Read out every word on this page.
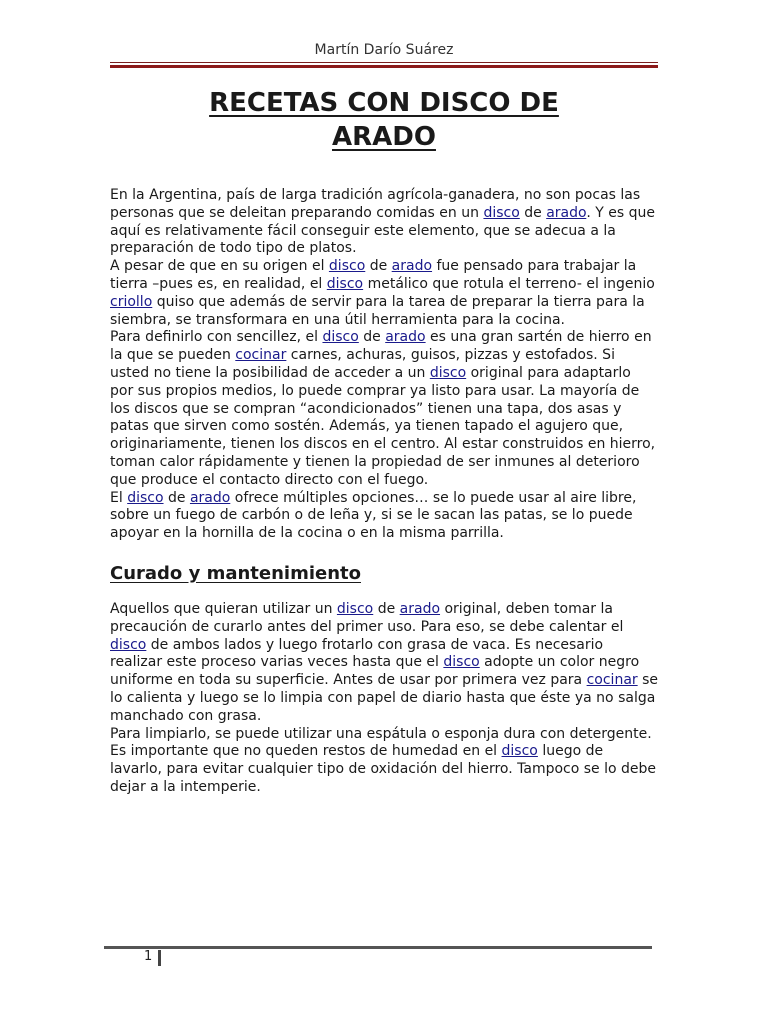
Martín Darío Suárez
RECETAS CON DISCO DE ARADO

En la Argentina, país de larga tradición agrícola-ganadera, no son pocas las personas que se deleitan preparando comidas en un disco de arado. Y es que aquí es relativamente fácil conseguir este elemento, que se adecua a la preparación de todo tipo de platos.

A pesar de que en su origen el disco de arado fue pensado para trabajar la tierra –pues es, en realidad, el disco metálico que rotula el terreno- el ingenio criollo quiso que además de servir para la tarea de preparar la tierra para la siembra, se transformara en una útil herramienta para la cocina.

Para definirlo con sencillez, el disco de arado es una gran sartén de hierro en la que se pueden cocinar carnes, achuras, guisos, pizzas y estofados. Si usted no tiene la posibilidad de acceder a un disco original para adaptarlo por sus propios medios, lo puede comprar ya listo para usar. La mayoría de los discos que se compran “acondicionados” tienen una tapa, dos asas y patas que sirven como sostén. Además, ya tienen tapado el agujero que, originariamente, tienen los discos en el centro. Al estar construidos en hierro, toman calor rápidamente y tienen la propiedad de ser inmunes al deterioro que produce el contacto directo con el fuego.

El disco de arado ofrece múltiples opciones… se lo puede usar al aire libre, sobre un fuego de carbón o de leña y, si se le sacan las patas, se lo puede apoyar en la hornilla de la cocina o en la misma parrilla.

Curado y mantenimiento

Aquellos que quieran utilizar un disco de arado original, deben tomar la precaución de curarlo antes del primer uso. Para eso, se debe calentar el disco de ambos lados y luego frotarlo con grasa de vaca. Es necesario realizar este proceso varias veces hasta que el disco adopte un color negro uniforme en toda su superficie. Antes de usar por primera vez para cocinar se lo calienta y luego se lo limpia con papel de diario hasta que éste ya no salga manchado con grasa.

Para limpiarlo, se puede utilizar una espátula o esponja dura con detergente. Es importante que no queden restos de humedad en el disco luego de lavarlo, para evitar cualquier tipo de oxidación del hierro. Tampoco se lo debe dejar a la intemperie.

1
